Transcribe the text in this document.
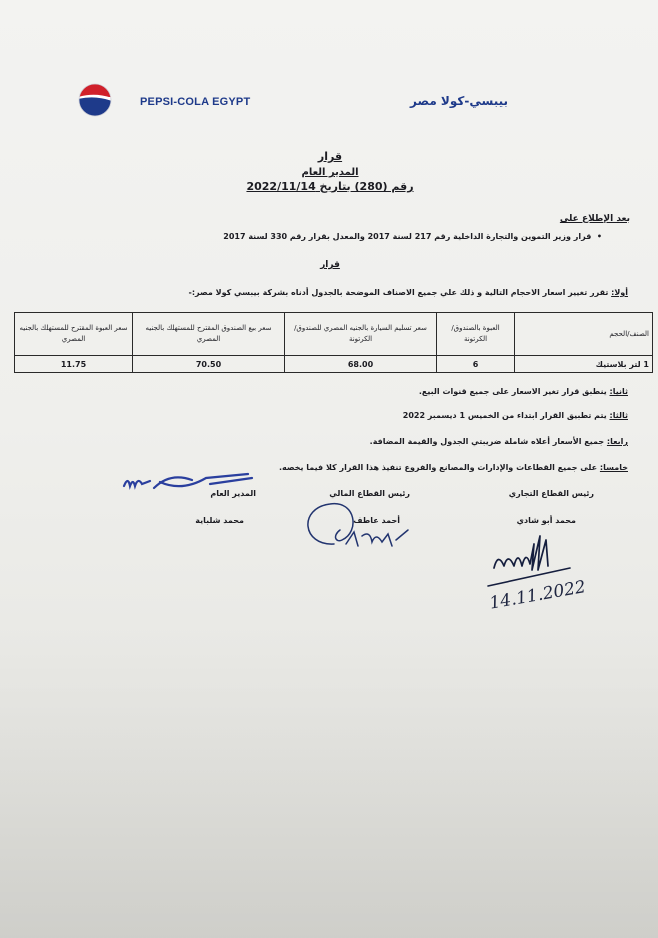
PEPSI-COLA EGYPT	بيبسي-كولا مصر
قرار
المدير العام
رقم (280) بتاريخ 2022/11/14
بعد الإطلاع على
•  قرار وزير التموين والتجارة الداخلية رقم 217 لسنة 2017 والمعدل بقرار رقم 330 لسنة 2017
قرار
أولا: تقرر تغيير اسعار الاحجام التالية و ذلك علي جميع الاصناف الموضحة بالجدول أدناه بشركة بيبسي كولا مصر:-
الصنف/الحجم	العبوة بالصندوق/ الكرتونة	سعر تسليم السيارة بالجنيه المصري للصندوق/الكرتونة	سعر بيع الصندوق المقترح للمستهلك بالجنيه المصري	سعر العبوة المقترح للمستهلك بالجنيه المصري
1 لتر بلاستيك	6	68.00	70.50	11.75
ثانيا: ينطبق قرار تغير الاسعار على جميع قنوات البيع.
ثالثا: يتم تطبيق القرار ابتداء من الخميس 1 ديسمبر 2022
رابعا: جميع الأسعار أعلاه شاملة ضريبتي الجدول والقيمة المضافة.
خامسا: على جميع القطاعات والإدارات والمصانع والفروع تنفيذ هذا القرار كلا فيما يخصه.
رئيس القطاع التجاري
رئيس القطاع المالي
المدير العام
محمد أبو شادي
أحمد عاطف
محمد شلباية
14.11.2022
